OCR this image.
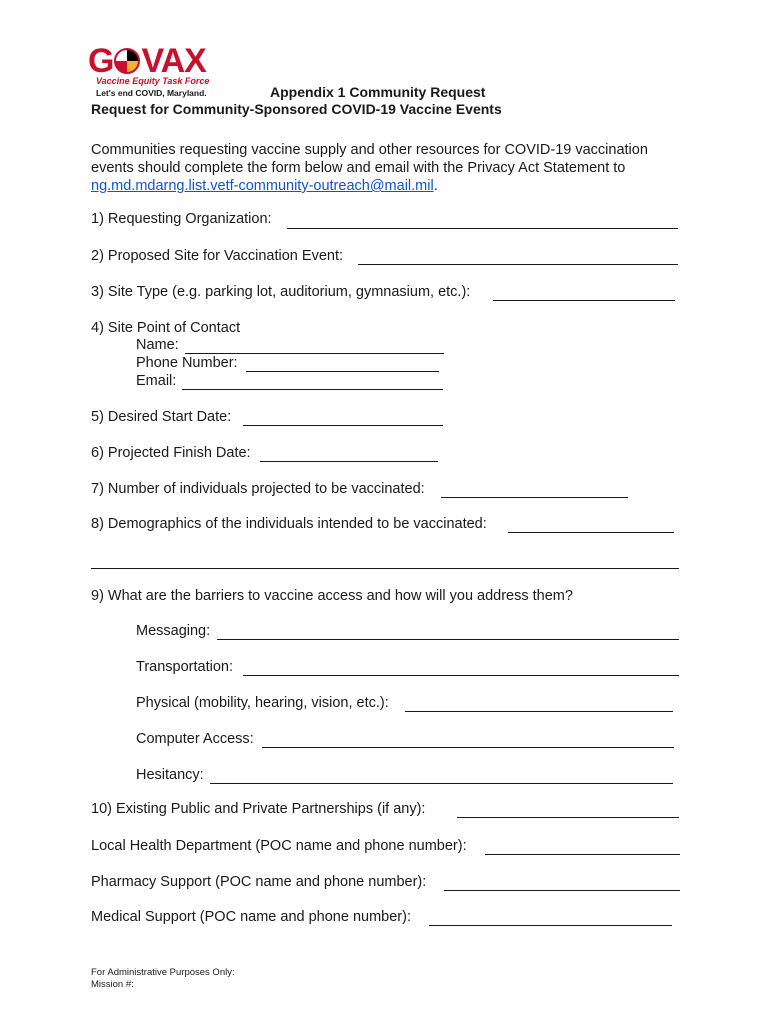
G VAX
Vaccine Equity Task Force
Let's end COVID, Maryland.	Appendix 1 Community Request
Request for Community-Sponsored COVID-19 Vaccine Events
Communities requesting vaccine supply and other resources for COVID-19 vaccination events should complete the form below and email with the Privacy Act Statement to ng.md.mdarng.list.vetf-community-outreach@mail.mil.
1) Requesting Organization:
2) Proposed Site for Vaccination Event:
3) Site Type (e.g. parking lot, auditorium, gymnasium, etc.):
4) Site Point of Contact
Name:
Phone Number:
Email:
5) Desired Start Date:
6) Projected Finish Date:
7) Number of individuals projected to be vaccinated:
8) Demographics of the individuals intended to be vaccinated:
9) What are the barriers to vaccine access and how will you address them?
Messaging:
Transportation:
Physical (mobility, hearing, vision, etc.):
Computer Access:
Hesitancy:
10) Existing Public and Private Partnerships (if any):
Local Health Department (POC name and phone number):
Pharmacy Support (POC name and phone number):
Medical Support (POC name and phone number):
For Administrative Purposes Only:
Mission #:
